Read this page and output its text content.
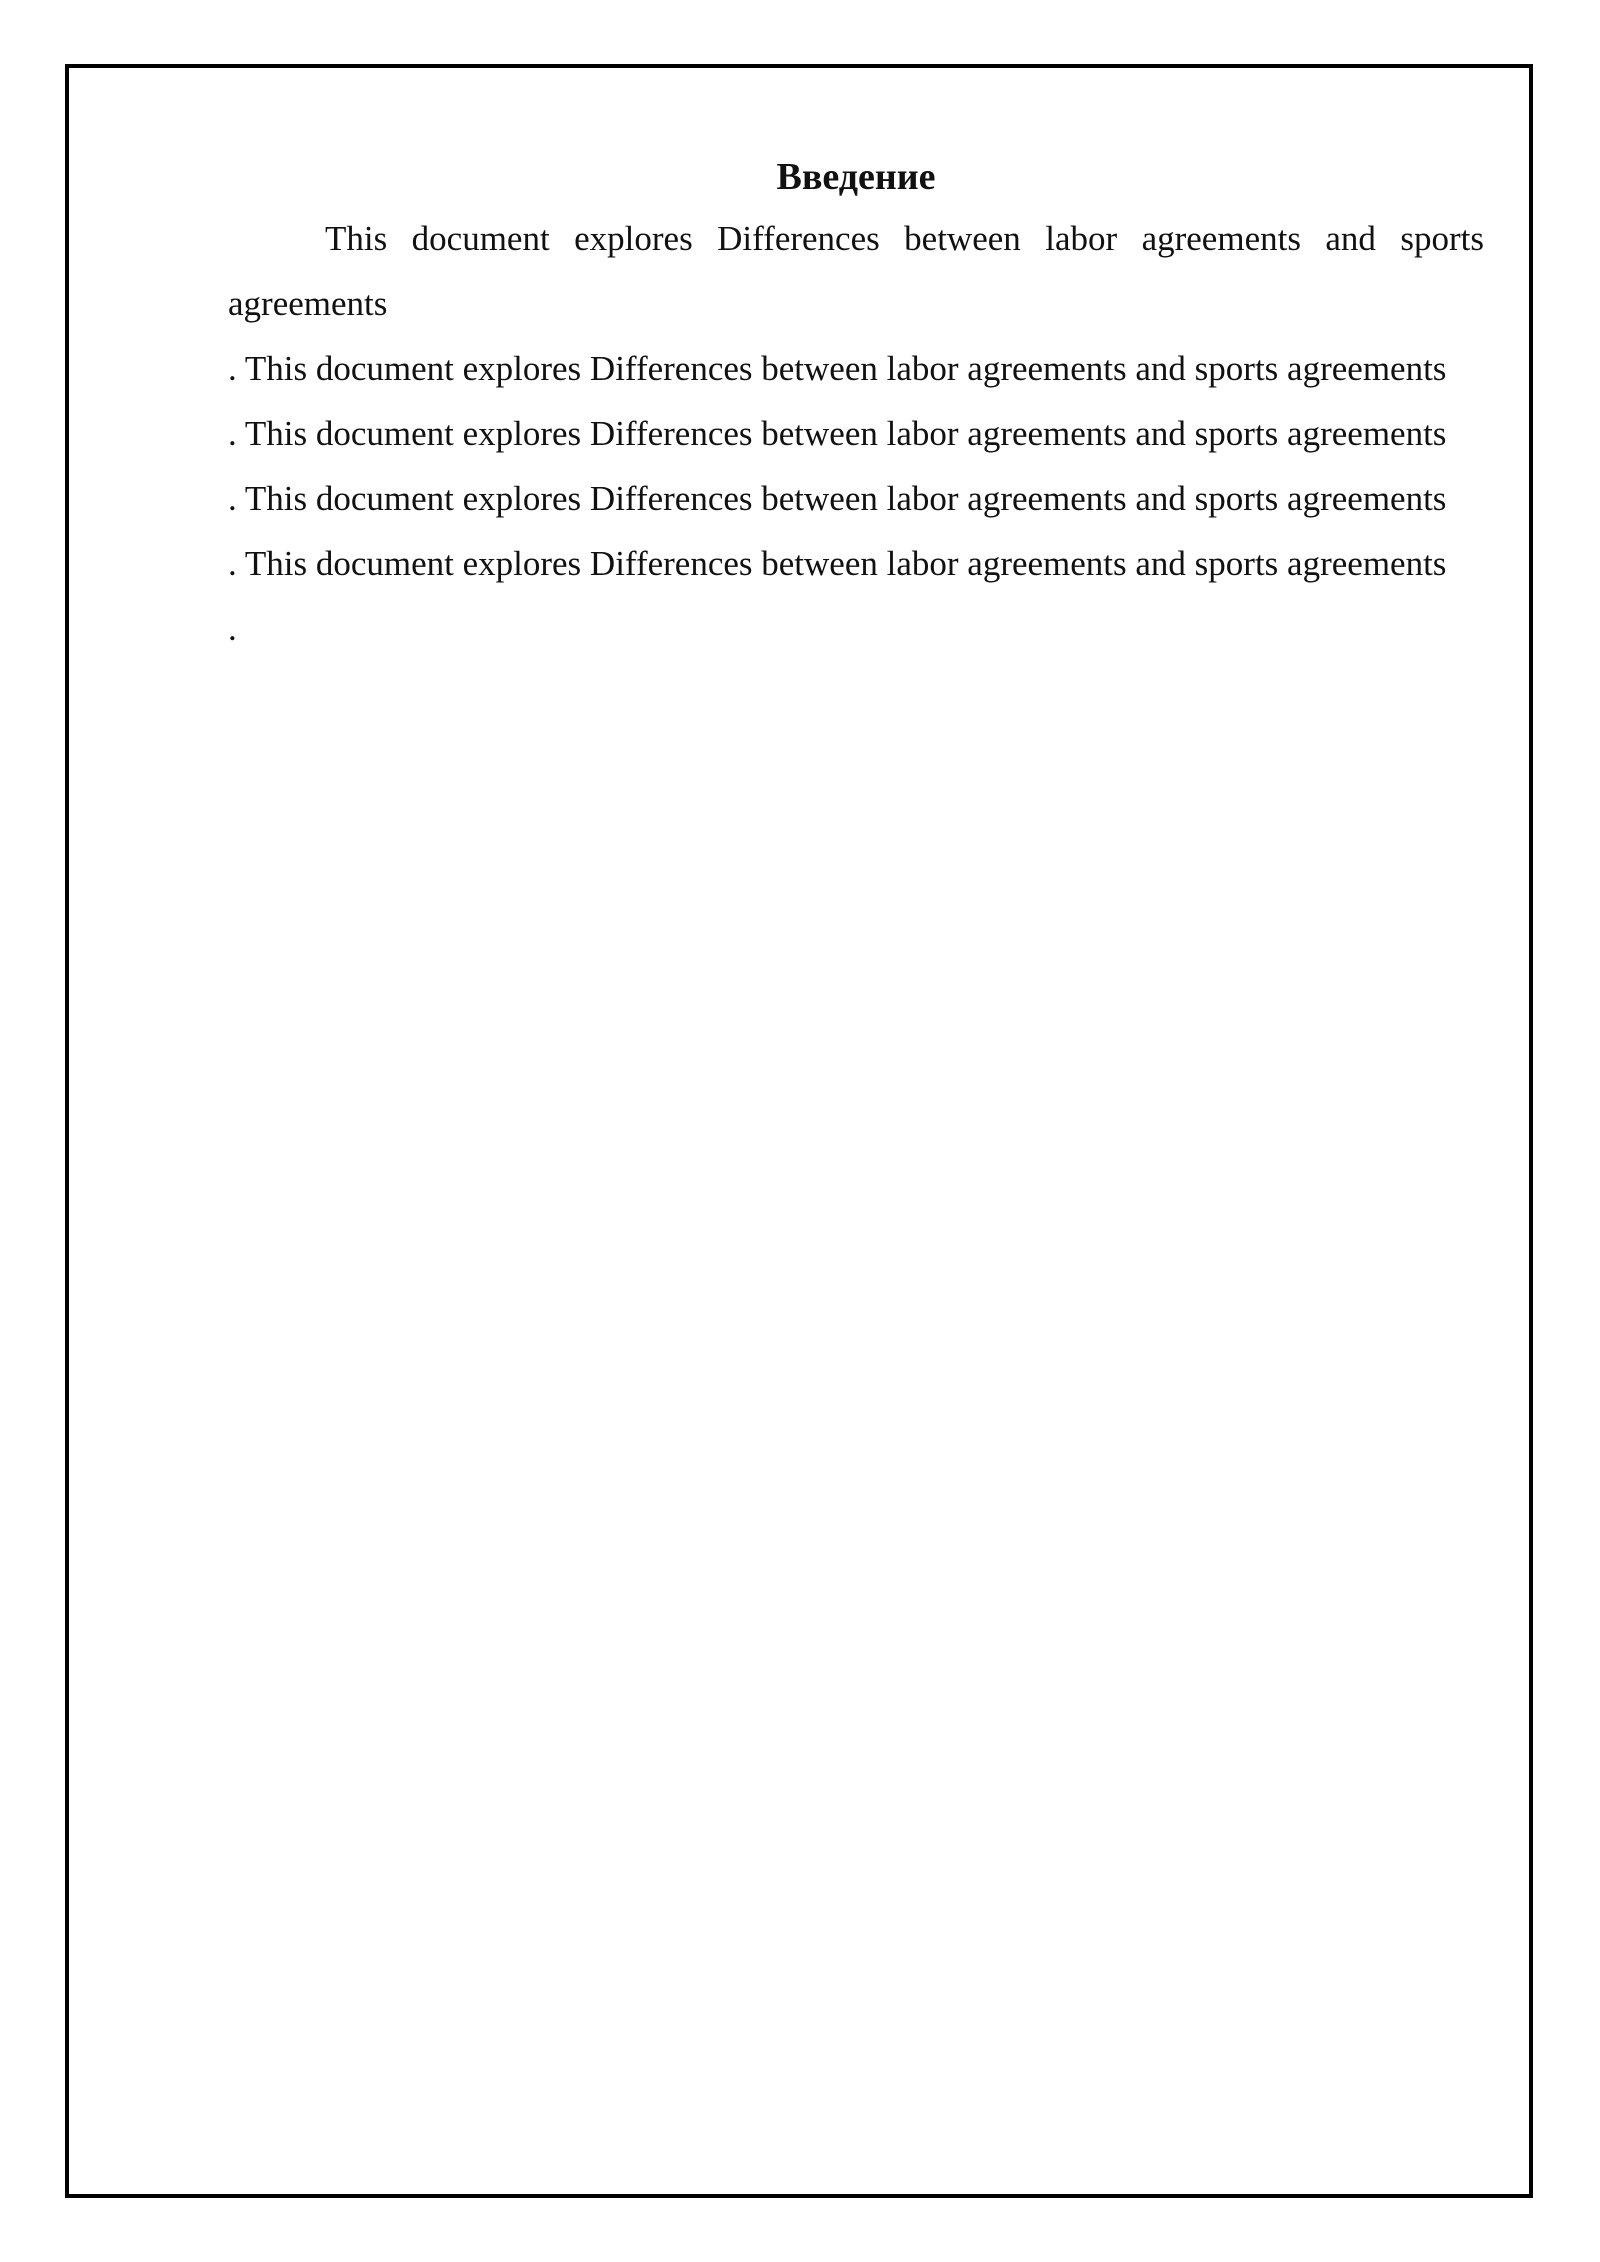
Введение

This document explores Differences between labor agreements and sports agreements

. This document explores Differences between labor agreements and sports agreements

. This document explores Differences between labor agreements and sports agreements

. This document explores Differences between labor agreements and sports agreements

. This document explores Differences between labor agreements and sports agreements

.
